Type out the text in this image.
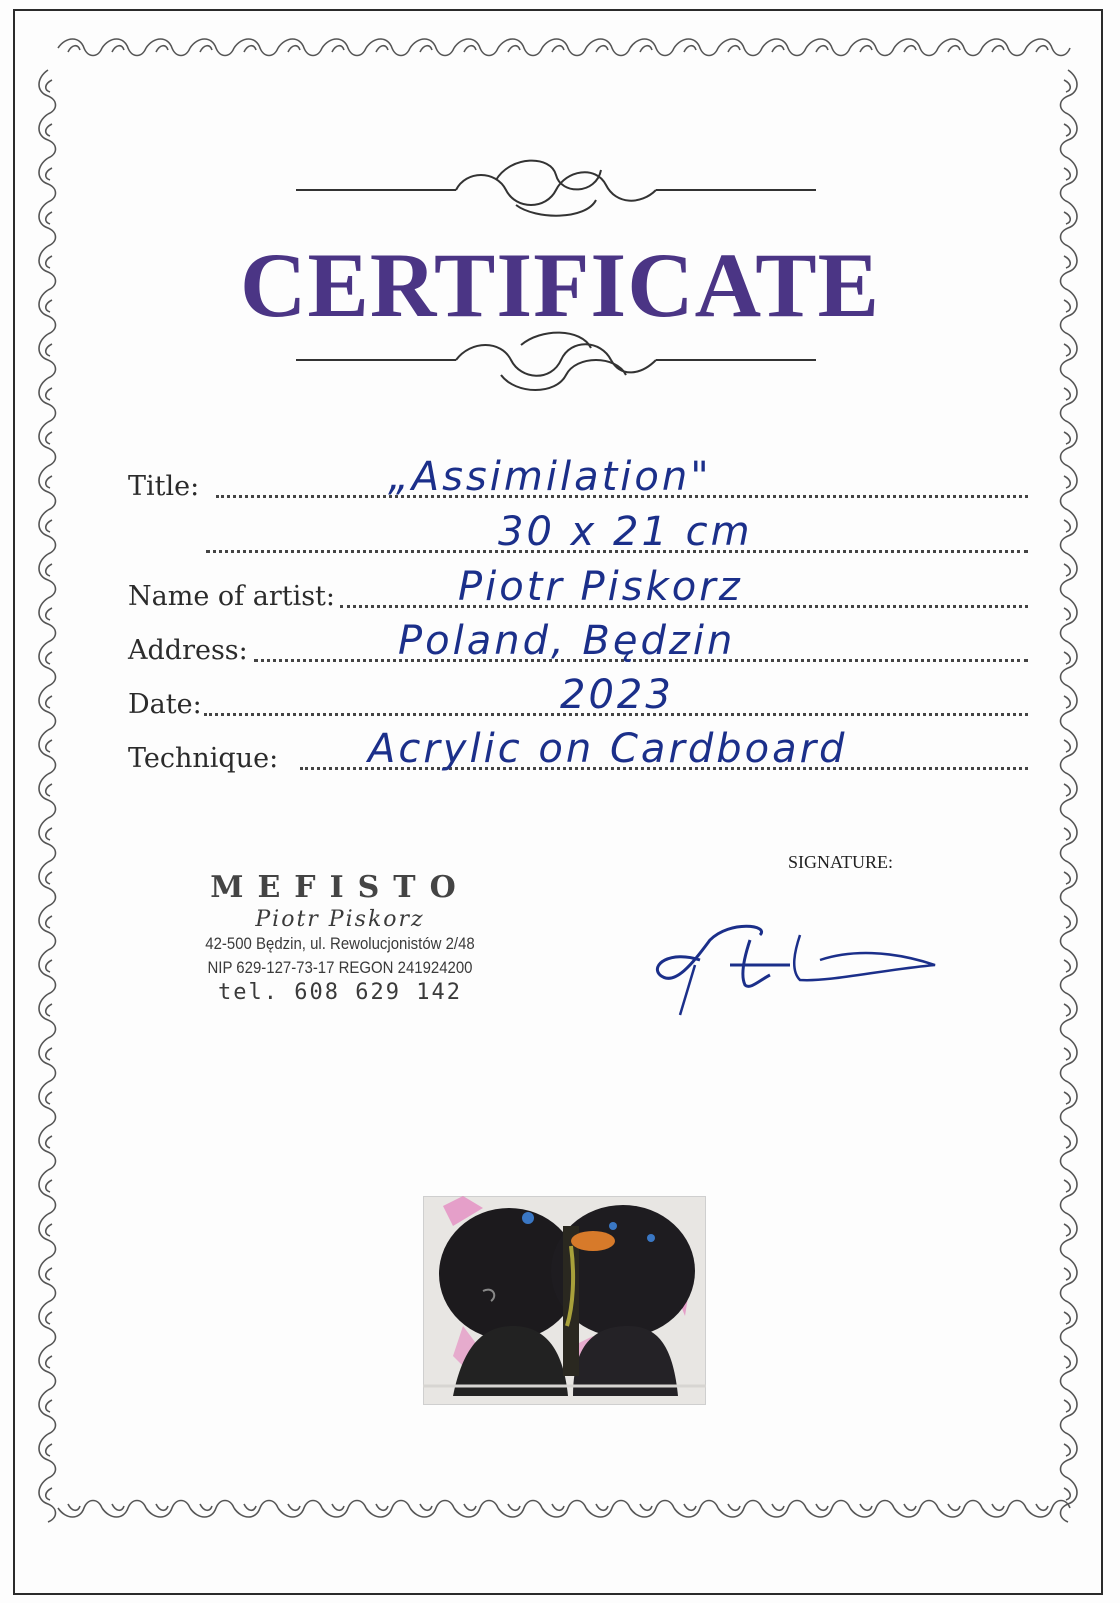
CERTIFICATE
Title:	„Assimilation"
30 x 21 cm
Name of artist:	Piotr Piskorz
Address:	Poland, Będzin
Date:	2023
Technique: Acrylic on Cardboard
MEFISTO
Piotr Piskorz
42-500 Będzin, ul. Rewolucjonistów 2/48
NIP 629-127-73-17 REGON 241924200
tel. 608 629 142
SIGNATURE:
